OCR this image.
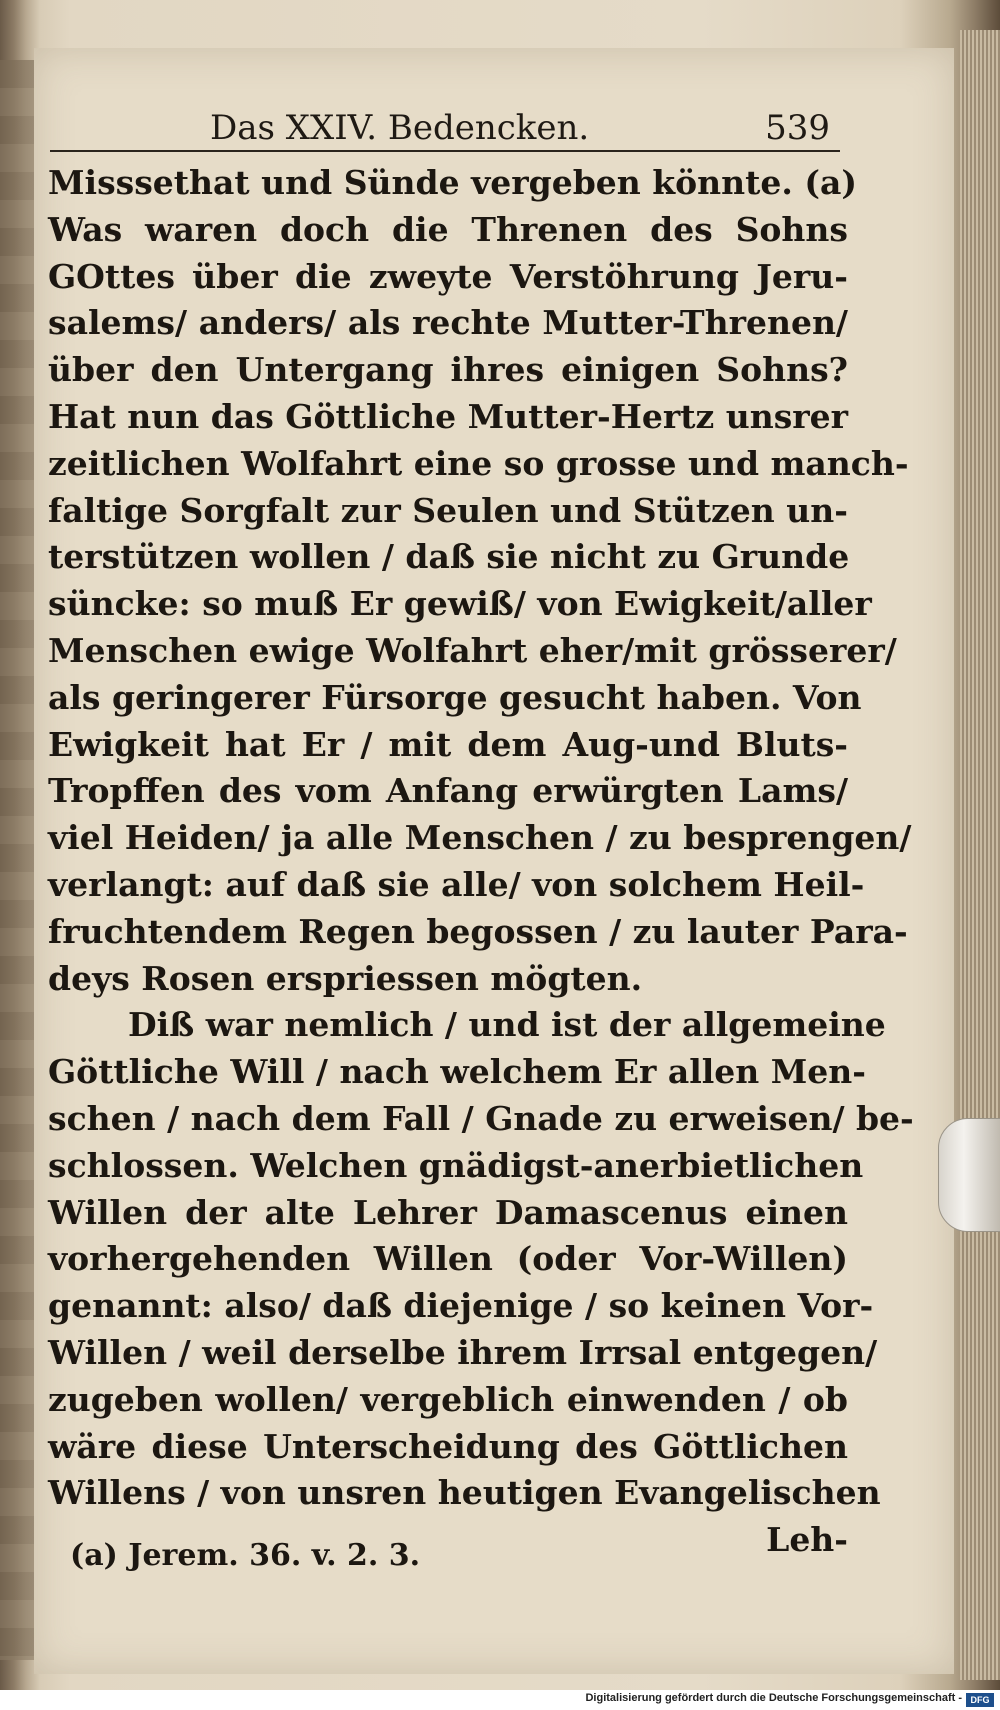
Das XXIV. Bedencken.	539
Misssethat und Sünde vergeben könnte. (a)
Was waren doch die Threnen des Sohns
GOttes über die zweyte Verstöhrung Jeru-
salems/ anders/ als rechte Mutter-Threnen/
über den Untergang ihres einigen Sohns?
Hat nun das Göttliche Mutter-Hertz unsrer
zeitlichen Wolfahrt eine so grosse und manch-
faltige Sorgfalt zur Seulen und Stützen un-
terstützen wollen / daß sie nicht zu Grunde
süncke: so muß Er gewiß/ von Ewigkeit/aller
Menschen ewige Wolfahrt eher/mit grösserer/
als geringerer Fürsorge gesucht haben. Von
Ewigkeit hat Er / mit dem Aug-und Bluts-
Tropffen des vom Anfang erwürgten Lams/
viel Heiden/ ja alle Menschen / zu besprengen/
verlangt: auf daß sie alle/ von solchem Heil-
fruchtendem Regen begossen / zu lauter Para-
deys Rosen erspriessen mögten.
Diß war nemlich / und ist der allgemeine
Göttliche Will / nach welchem Er allen Men-
schen / nach dem Fall / Gnade zu erweisen/ be-
schlossen. Welchen gnädigst-anerbietlichen
Willen der alte Lehrer Damascenus einen
vorhergehenden Willen (oder Vor-Willen)
genannt: also/ daß diejenige / so keinen Vor-
Willen / weil derselbe ihrem Irrsal entgegen/
zugeben wollen/ vergeblich einwenden / ob
wäre diese Unterscheidung des Göttlichen
Willens / von unsren heutigen Evangelischen
Leh-
(a) Jerem. 36. v. 2. 3.
Digitalisierung gefördert durch die Deutsche Forschungsgemeinschaft - DFG
